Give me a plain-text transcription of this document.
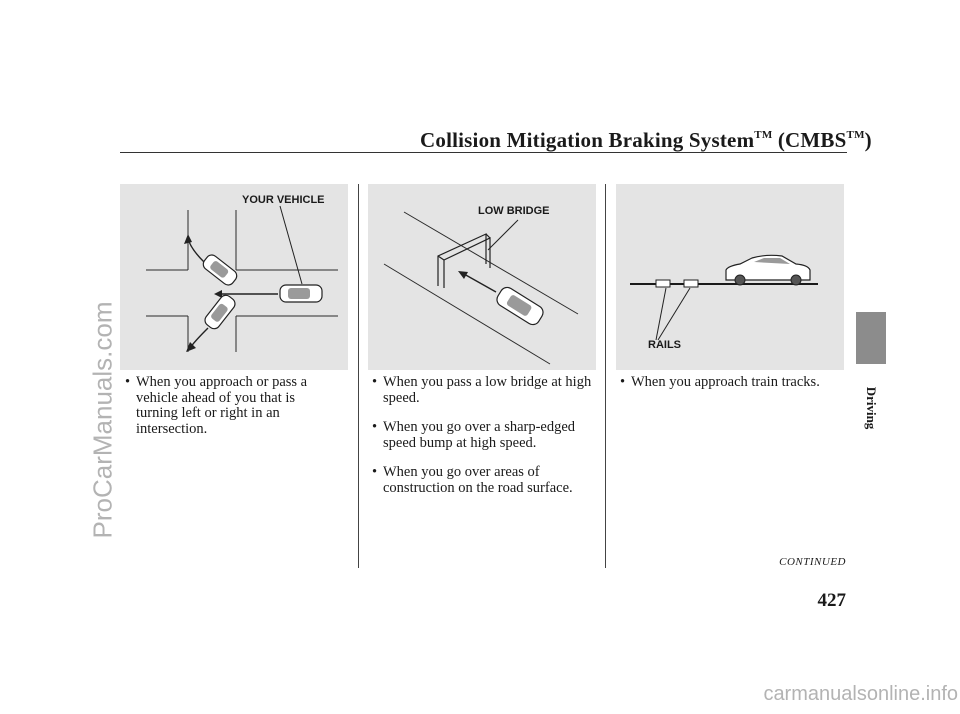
Collision Mitigation Braking System™ (CMBS™)
YOUR VEHICLE
LOW BRIDGE
RAILS
• When you approach or pass a vehicle ahead of you that is turning left or right in an intersection.
• When you pass a low bridge at high speed.
• When you go over a sharp-edged speed bump at high speed.
• When you go over areas of construction on the road surface.
• When you approach train tracks.
CONTINUED
427
Driving
ProCarManuals.com
carmanualsonline.info
